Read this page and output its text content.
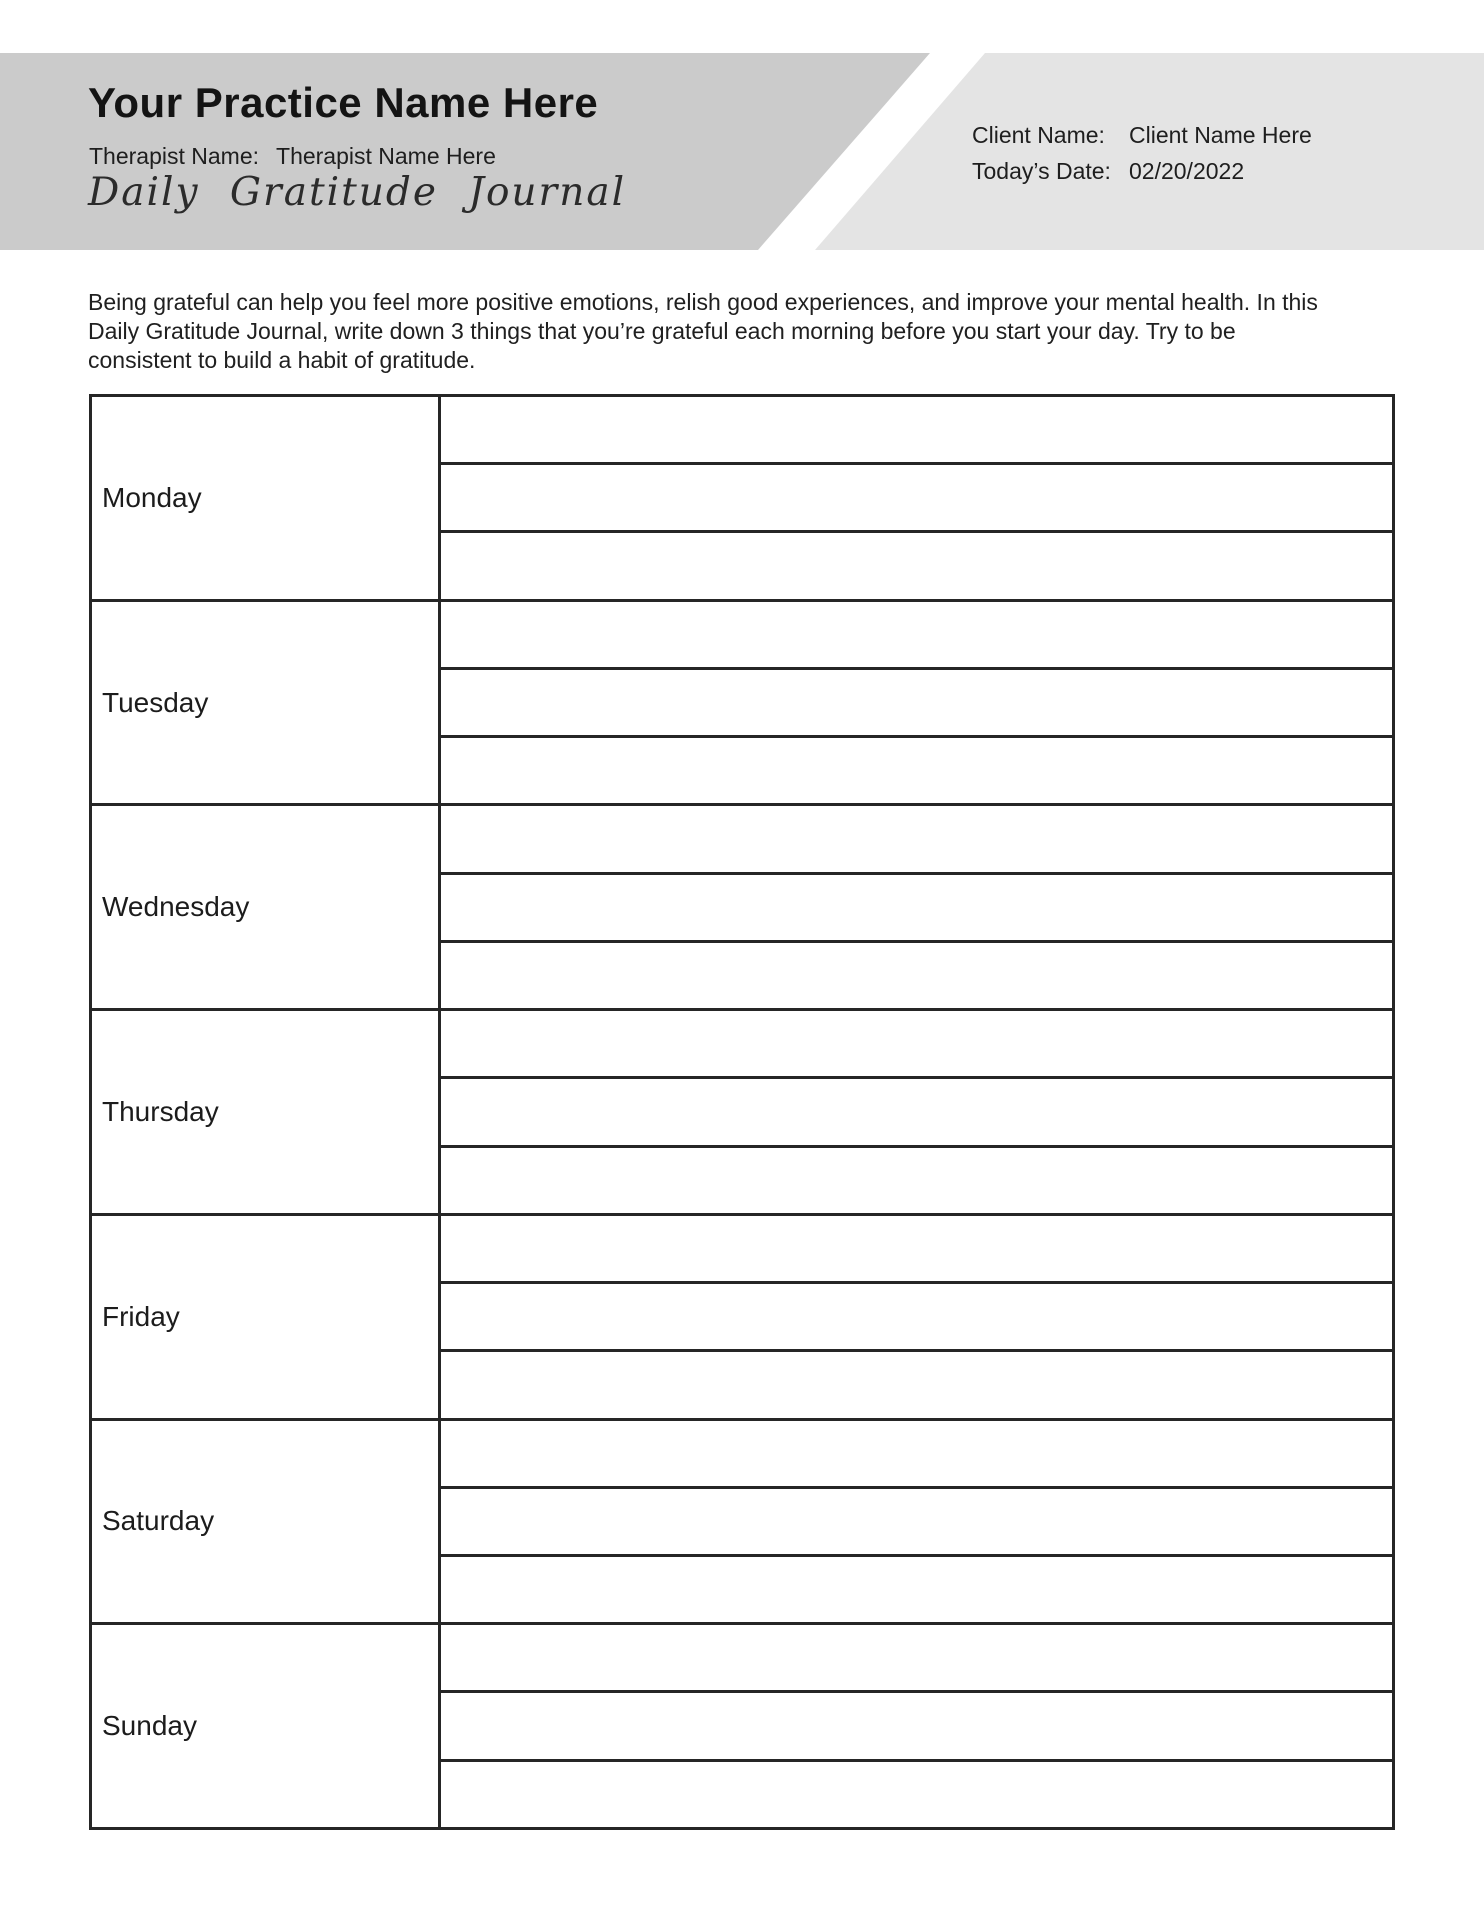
Your Practice Name Here
Therapist Name: Therapist Name Here
Daily Gratitude Journal
Client Name:	Client Name Here
Today’s Date: 02/20/2022
Being grateful can help you feel more positive emotions, relish good experiences, and improve your mental health. In this
Daily Gratitude Journal, write down 3 things that you’re grateful each morning before you start your day. Try to be
consistent to build a habit of gratitude.
Monday	

Tuesday	

Wednesday	

Thursday	

Friday	

Saturday	

Sunday	
